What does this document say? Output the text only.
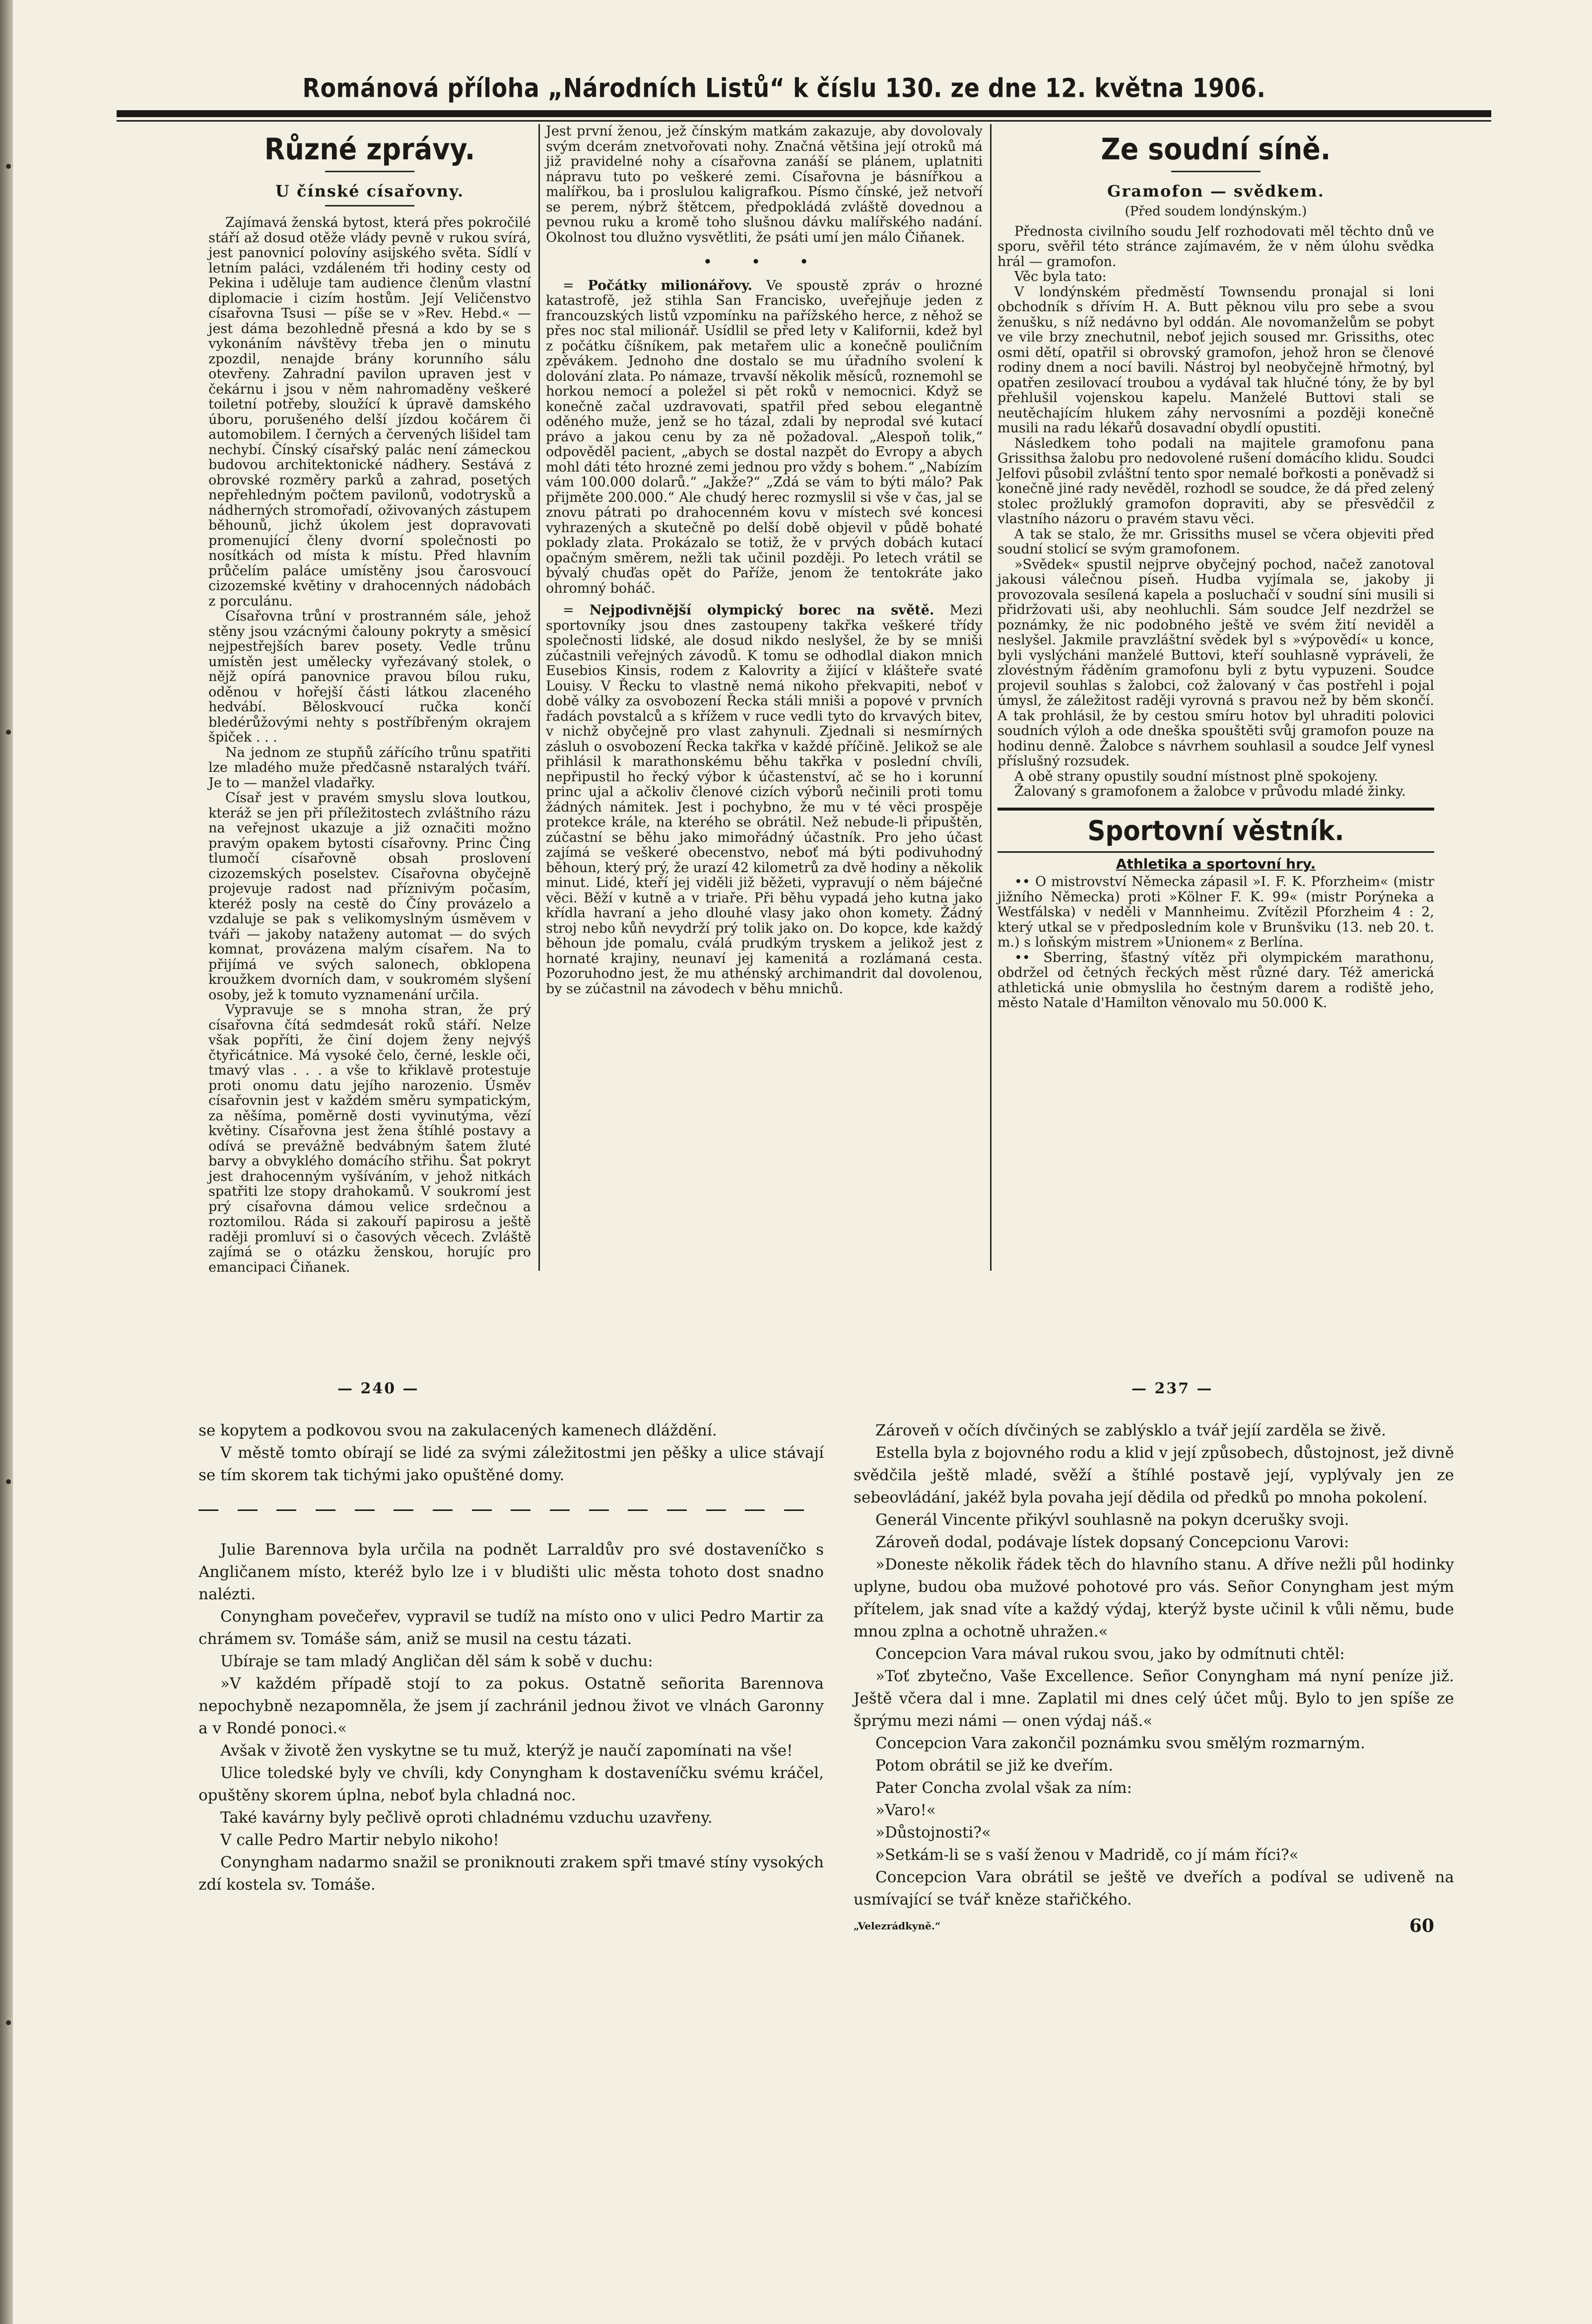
Románová příloha „Národních Listů“ k číslu 130. ze dne 12. května 1906.
Různé zprávy.
U čínské císařovny.

Zajímavá ženská bytost, která přes pokročilé stáří až dosud otěže vlády pevně v rukou svírá, jest panovnicí polovíny asijského světa. Sídlí v letním paláci, vzdáleném tři hodiny cesty od Pekina i uděluje tam audience členům vlastní diplomacie i cizím hostům. Její Veličenstvo císařovna Tsusi — píše se v »Rev. Hebd.« — jest dáma bezohledně přesná a kdo by se s vykonáním návštěvy třeba jen o minutu zpozdil, nenajde brány korunního sálu otevřeny. Zahradní pavilon upraven jest v čekárnu i jsou v něm nahromaděny veškeré toiletní potřeby, sloužící k úpravě damského úboru, porušeného delší jízdou kočárem či automobilem. I černých a červených lišidel tam nechybí. Čínský císařský palác není zámeckou budovou architektonické nádhery. Sestává z obrovské rozměry parků a zahrad, posetých nepřehledným počtem pavilonů, vodotrysků a nádherných stromořadí, oživovaných zástupem běhounů, jichž úkolem jest dopravovati promenující členy dvorní společnosti po nosítkách od místa k místu. Před hlavním průčelím paláce umístěny jsou čarosvoucí cizozemské květiny v drahocenných nádobách z porculánu.

Císařovna trůní v prostranném sále, jehož stěny jsou vzácnými čalouny pokryty a směsicí nejpestřejších barev posety. Vedle trůnu umístěn jest umělecky vyřezávaný stolek, o nějž opírá panovnice pravou bílou ruku, oděnou v hořejší části látkou zlaceného hedvábí. Běloskvoucí ručka končí bledérůžovými nehty s postříbřeným okrajem špiček . . .

Na jednom ze stupňů zářícího trůnu spatřiti lze mladého muže předčasně nstaralých tváří. Je to — manžel vladařky.

Císař jest v pravém smyslu slova loutkou, kteráž se jen při příležitostech zvláštního rázu na veřejnost ukazuje a již označiti možno pravým opakem bytosti císařovny. Princ Čing tlumočí císařovně obsah proslovení cizozemských poselstev. Císařovna obyčejně projevuje radost nad příznivým počasím, kteréž posly na cestě do Číny provázelo a vzdaluje se pak s velikomyslným úsměvem v tváři — jakoby nataženy automat — do svých komnat, provázena malým císařem. Na to přijímá ve svých salonech, obklopena kroužkem dvorních dam, v soukromém slyšení osoby, jež k tomuto vyznamenání určila.

Vypravuje se s mnoha stran, že prý císařovna čítá sedmdesát roků stáří. Nelze však popříti, že činí dojem ženy nejvýš čtyřicátnice. Má vysoké čelo, černé, leskle oči, tmavý vlas . . . a vše to křiklavě protestuje proti onomu datu jejího narozenio. Úsměv císařovnin jest v každém směru sympatickým, za něšíma, poměrně dosti vyvinutýma, vězí květiny. Císařovna jest žena štíhlé postavy a odívá se prevážně bedvábným šatem žluté barvy a obvyklého domácího střihu. Šat pokryt jest drahocenným vyšíváním, v jehož nitkách spatřiti lze stopy drahokamů. V soukromí jest prý císařovna dámou velice srdečnou a roztomilou. Ráda si zakouří papirosu a ještě raději promluví si o časových věcech. Zvláště zajímá se o otázku ženskou, horujíc pro emancipaci Čiňanek.

Jest první ženou, jež čínským matkám zakazuje, aby dovolovaly svým dcerám znetvořovati nohy. Značná většina její otroků má již pravidelné nohy a císařovna zanáší se plánem, uplatniti nápravu tuto po veškeré zemi. Císařovna je básnířkou a malířkou, ba i proslulou kaligrafkou. Písmo čínské, jež netvoří se perem, nýbrž štětcem, předpokládá zvláště dovednou a pevnou ruku a kromě toho slušnou dávku malířského nadání. Okolnost tou dlužno vysvětliti, že psáti umí jen málo Čiňanek.

• • •

= Počátky milionářovy. Ve spoustě zpráv o hrozné katastrofě, jež stihla San Francisko, uveřejňuje jeden z francouzských listů vzpomínku na pařížského herce, z něhož se přes noc stal milionář. Usídlil se před lety v Kalifornii, kdež byl z počátku číšníkem, pak metařem ulic a konečně pouličním zpěvákem. Jednoho dne dostalo se mu úřadního svolení k dolování zlata. Po námaze, trvavší několik měsíců, roznemohl se horkou nemocí a poležel si pět roků v nemocnici. Když se konečně začal uzdravovati, spatřil před sebou elegantně oděného muže, jenž se ho tázal, zdali by neprodal své kutací právo a jakou cenu by za ně požadoval. „Alespoň tolik,“ odpověděl pacient, „abych se dostal nazpět do Evropy a abych mohl dáti této hrozné zemi jednou pro vždy s bohem.“ „Nabízím vám 100.000 dolarů.“ „Jakže?“ „Zdá se vám to býti málo? Pak přijměte 200.000.“ Ale chudý herec rozmyslil si vše v čas, jal se znovu pátrati po drahocenném kovu v místech své koncesi vyhrazených a skutečně po delší době objevil v půdě bohaté poklady zlata. Prokázalo se totiž, že v prvých dobách kutací opačným směrem, nežli tak učinil později. Po letech vrátil se bývalý chuďas opět do Paříže, jenom že tentokráte jako ohromný boháč.

= Nejpodivnější olympický borec na světě. Mezi sportovníky jsou dnes zastoupeny takřka veškeré třídy společnosti lidské, ale dosud nikdo neslyšel, že by se mniši zúčastnili veřejných závodů. K tomu se odhodlal diakon mnich Eusebios Kinsis, rodem z Kalovrity a žijící v klášteře svaté Louisy. V Řecku to vlastně nemá nikoho překvapiti, neboť v době války za osvobození Řecka stáli mniši a popové v prvních řadách povstalců a s křížem v ruce vedli tyto do krvavých bitev, v nichž obyčejně pro vlast zahynuli. Zjednali si nesmírných zásluh o osvobození Řecka takřka v každé příčině. Jelikož se ale přihlásil k marathonskému běhu takřka v poslední chvíli, nepřipustil ho řecký výbor k účastenství, ač se ho i korunní princ ujal a ačkoliv členové cizích výborů nečinili proti tomu žádných námitek. Jest i pochybno, že mu v té věci prospěje protekce krále, na kterého se obrátil. Než nebude-li připuštěn, zúčastní se běhu jako mimořádný účastník. Pro jeho účast zajímá se veškeré obecenstvo, neboť má býti podivuhodný běhoun, který prý, že urazí 42 kilometrů za dvě hodiny a několik minut. Lidé, kteří jej viděli již běžeti, vypravují o něm báječné věci. Běží v kutně a v triaře. Při běhu vypadá jeho kutna jako křídla havraní a jeho dlouhé vlasy jako ohon komety. Žádný stroj nebo kůň nevydrží prý tolik jako on. Do kopce, kde každý běhoun jde pomalu, cválá prudkým tryskem a jelikož jest z hornaté krajiny, neunaví jej kamenitá a rozlámaná cesta. Pozoruhodno jest, že mu athénský archimandrit dal dovolenou, by se zúčastnil na závodech v běhu mnichů.

Ze soudní síně.
Gramofon — svědkem.
(Před soudem londýnským.)

Přednosta civilního soudu Jelf rozhodovati měl těchto dnů ve sporu, svěřil této stránce zajímavém, že v něm úlohu svědka hrál — gramofon.

Věc byla tato:

V londýnském předměstí Townsendu pronajal si loni obchodník s dřívím H. A. Butt pěknou vilu pro sebe a svou ženušku, s níž nedávno byl oddán. Ale novomanželům se pobyt ve vile brzy znechutnil, neboť jejich soused mr. Grissiths, otec osmi dětí, opatřil si obrovský gramofon, jehož hron se členové rodiny dnem a nocí bavili. Nástroj byl neobyčejně hřmotný, byl opatřen zesilovací troubou a vydával tak hlučné tóny, že by byl přehlušil vojenskou kapelu. Manželé Buttovi stali se neutěchajícím hlukem záhy nervosními a později konečně musili na radu lékařů dosavadní obydlí opustiti.

Následkem toho podali na majitele gramofonu pana Grissithsa žalobu pro nedovolené rušení domácího klidu. Soudci Jelfovi působil zvláštní tento spor nemalé bořkosti a poněvadž si konečně jiné rady nevěděl, rozhodl se soudce, že dá před zelený stolec prožluklý gramofon dopraviti, aby se přesvědčil z vlastního názoru o pravém stavu věci.

A tak se stalo, že mr. Grissiths musel se včera objeviti před soudní stolicí se svým gramofonem.

»Svědek« spustil nejprve obyčejný pochod, načež zanotoval jakousi válečnou píseň. Hudba vyjímala se, jakoby ji provozovala sesílená kapela a posluchačí v soudní síni musili si přidržovati uši, aby neohluchli. Sám soudce Jelf nezdržel se poznámky, že nic podobného ještě ve svém žití neviděl a neslyšel. Jakmile pravzláštní svědek byl s »výpovědí« u konce, byli vyslýcháni manželé Buttovi, kteří souhlasně vypráveli, že zlovéstným řáděním gramofonu byli z bytu vypuzeni. Soudce projevil souhlas s žalobci, což žalovaný v čas postřehl i pojal úmysl, že záležitost raději vyrovná s pravou než by běm skončí. A tak prohlásil, že by cestou smíru hotov byl uhraditi polovici soudních výloh a ode dneška spouštěti svůj gramofon pouze na hodinu denně. Žalobce s návrhem souhlasil a soudce Jelf vynesl příslušný rozsudek.

A obě strany opustily soudní místnost plně spokojeny.

Žalovaný s gramofonem a žalobce v průvodu mladé žinky.

Sportovní věstník.
Athletika a sportovní hry.

•• O mistrovství Německa zápasil »I. F. K. Pforzheim« (mistr jižního Německa) proti »Kölner F. K. 99« (mistr Porýneka a Westfálska) v neděli v Mannheimu. Zvítězil Pforzheim 4 : 2, který utkal se v předposledním kole v Brunšviku (13. neb 20. t. m.) s loňským mistrem »Unionem« z Berlína.

•• Sberring, šťastný vítěz při olympickém marathonu, obdržel od četných řeckých měst různé dary. Též americká athletická unie obmyslila ho čestným darem a rodiště jeho, město Natale d'Hamilton věnovalo mu 50.000 K.

— 240 —	— 237 —

se kopytem a podkovou svou na zakulacených kamenech dláždění.

V městě tomto obírají se lidé za svými záležitostmi jen pěšky a ulice stávají se tím skorem tak tichými jako opuštěné domy.

Julie Barennova byla určila na podnět Larraldův pro své dostaveníčko s Angličanem místo, kteréž bylo lze i v bludišti ulic města tohoto dost snadno nalézti.

Conyngham povečeřev, vypravil se tudíž na místo ono v ulici Pedro Martir za chrámem sv. Tomáše sám, aniž se musil na cestu tázati.

Ubíraje se tam mladý Angličan děl sám k sobě v duchu:

»V každém případě stojí to za pokus. Ostatně señorita Barennova nepochybně nezapomněla, že jsem jí zachránil jednou život ve vlnách Garonny a v Rondé ponoci.«

Avšak v životě žen vyskytne se tu muž, kterýž je naučí zapomínati na vše!

Ulice toledské byly ve chvíli, kdy Conyngham k dostaveníčku svému kráčel, opuštěny skorem úplna, neboť byla chladná noc.

Také kavárny byly pečlivě oproti chladnému vzduchu uzavřeny.

V calle Pedro Martir nebylo nikoho!

Conyngham nadarmo snažil se proniknouti zrakem spři tmavé stíny vysokých zdí kostela sv. Tomáše.

Zároveň v očích dívčiných se zablýsklo a tvář jejíí zarděla se živě.

Estella byla z bojovného rodu a klid v její způsobech, důstojnost, jež divně svědčila ještě mladé, svěží a štíhlé postavě její, vyplývaly jen ze sebeovládání, jakéž byla povaha její dědila od předků po mnoha pokolení.

Generál Vincente přikývl souhlasně na pokyn dcerušky svoji.

Zároveň dodal, podávaje lístek dopsaný Concepcionu Varovi:

»Doneste několik řádek těch do hlavního stanu. A dříve nežli půl hodinky uplyne, budou oba mužové pohotové pro vás. Señor Conyngham jest mým přítelem, jak snad víte a každý výdaj, kterýž byste učinil k vůli němu, bude mnou zplna a ochotně uhražen.«

Concepcion Vara mával rukou svou, jako by odmítnuti chtěl:

»Toť zbytečno, Vaše Excellence. Señor Conyngham má nyní peníze již. Ještě včera dal i mne. Zaplatil mi dnes celý účet můj. Bylo to jen spíše ze šprýmu mezi námi — onen výdaj náš.«

Concepcion Vara zakončil poznámku svou smělým rozmarným.

Potom obrátil se již ke dveřím.

Pater Concha zvolal však za ním:

»Varo!«

»Důstojnosti?«

»Setkám-li se s vaší ženou v Madridě, co jí mám říci?«

Concepcion Vara obrátil se ještě ve dveřích a podíval se udiveně na usmívající se tvář kněze stařičkého.

„Velezrádkyně.“	60
